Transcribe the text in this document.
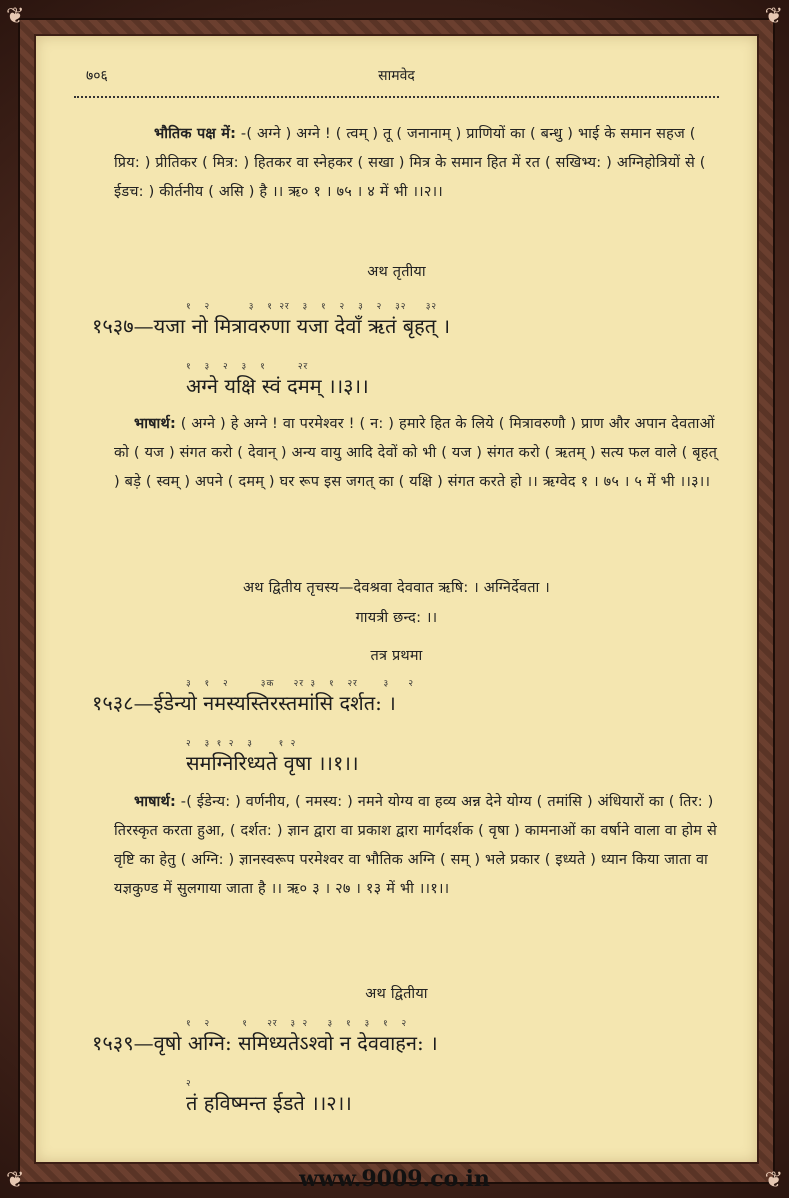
❦	❦
❦	❦
७०६	सामवेद
भौतिक पक्ष में: -( अग्ने ) अग्ने ! ( त्वम् ) तू ( जनानाम् ) प्राणियों का ( बन्धु ) भाई के समान सहज ( प्रिय: ) प्रीतिकर ( मित्र: ) हितकर वा स्नेहकर ( सखा ) मित्र के समान हित में रत ( सखिभ्य: ) अग्निहोत्रियों से ( ईडच: ) कीर्तनीय ( असि ) है ।। ऋ० १ । ७५ । ४ में भी ।।२।।
अथ तृतीया
१  २      ३  १ २र  ३  १  २  ३  २  ३२   ३२
१५३७—यजा नो मित्रावरुणा यजा देवाँ ऋतं बृहत् ।
१  ३  २  ३  १     २र
अग्ने यक्षि स्वं दमम् ।।३।।
भाषार्थ: ( अग्ने ) हे अग्ने ! वा परमेश्वर ! ( न: ) हमारे हित के लिये ( मित्रावरुणौ ) प्राण और अपान देवताओं को ( यज ) संगत करो ( देवान् ) अन्य वायु आदि देवों को भी ( यज ) संगत करो ( ऋतम् ) सत्य फल वाले ( बृहत् ) बड़े ( स्वम् ) अपने ( दमम् ) घर रूप इस जगत् का ( यक्षि ) संगत करते हो ।। ऋग्वेद १ । ७५ । ५ में भी ।।३।।
अथ द्वितीय तृचस्य—देवश्रवा देववात ऋषि: । अग्निर्देवता ।
गायत्री छन्द: ।।
तत्र प्रथमा
३  १  २     ३क   २र ३  १  २र    ३   २
१५३८—ईडेन्यो नमस्यस्तिरस्तमांसि दर्शत: ।
२  ३ १ २  ३    १ २
समग्निरिध्यते वृषा ।।१।।
भाषार्थ: -( ईडेन्य: ) वर्णनीय, ( नमस्य: ) नमने योग्य वा हव्य अन्न देने योग्य ( तमांसि ) अंधियारों का ( तिर: ) तिरस्कृत करता हुआ, ( दर्शत: ) ज्ञान द्वारा वा प्रकाश द्वारा मार्गदर्शक ( वृषा ) कामनाओं का वर्षाने वाला वा होम से वृष्टि का हेतु ( अग्नि: ) ज्ञानस्वरूप परमेश्वर वा भौतिक अग्नि ( सम् ) भले प्रकार ( इध्यते ) ध्यान किया जाता वा यज्ञकुण्ड में सुलगाया जाता है ।। ऋ० ३ । २७ । १३ में भी ।।१।।
अथ द्वितीया
१  २     १   २र  ३ २   ३  १  ३  १  २
१५३९—वृषो अग्नि: समिध्यतेऽश्वो न देववाहन: ।
२
तं हविष्मन्त ईडते ।।२।।
www.9009.co.in
